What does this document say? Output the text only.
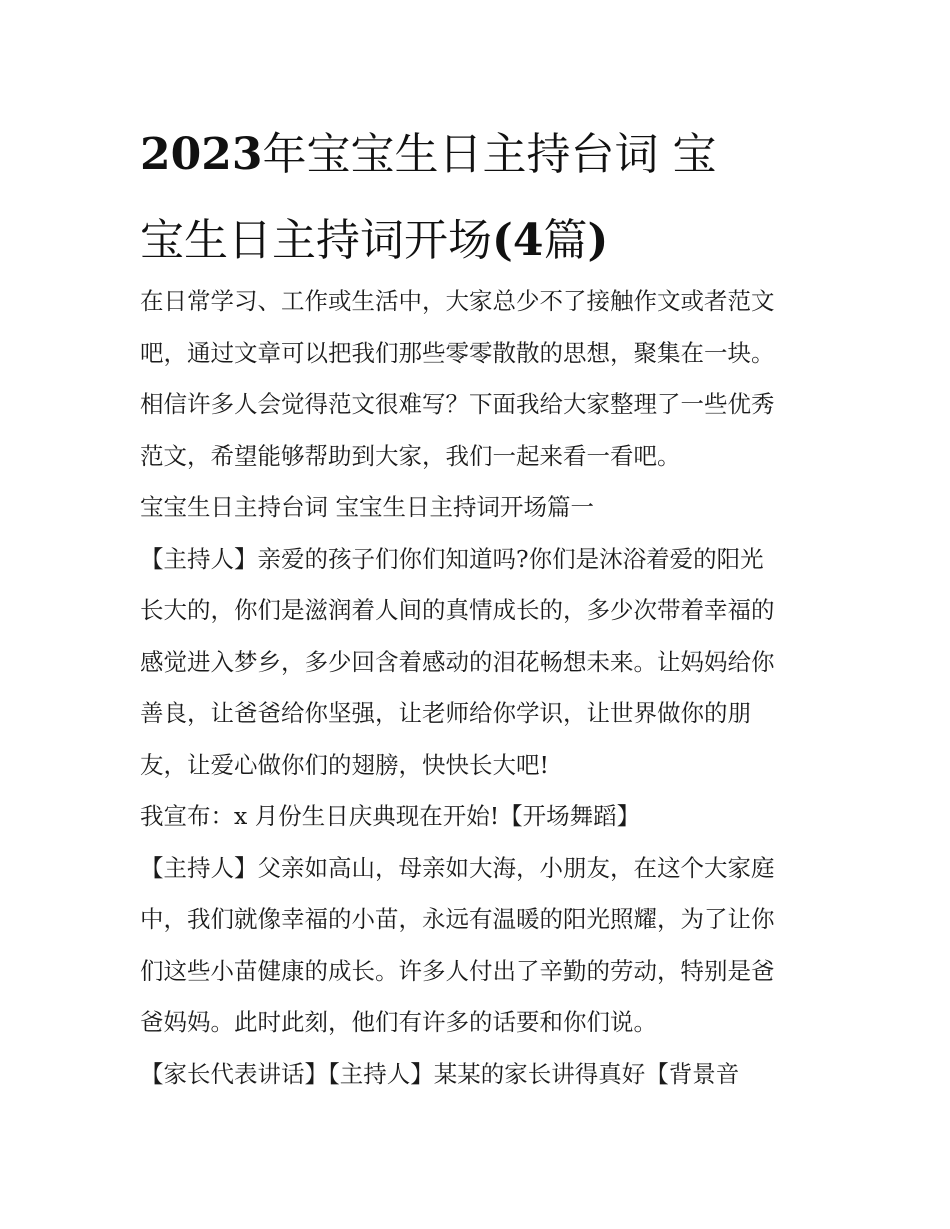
2023年宝宝生日主持台词 宝
宝生日主持词开场(4篇)

在日常学习、工作或生活中，大家总少不了接触作文或者范文
吧，通过文章可以把我们那些零零散散的思想，聚集在一块。
相信许多人会觉得范文很难写？下面我给大家整理了一些优秀
范文，希望能够帮助到大家，我们一起来看一看吧。

宝宝生日主持台词 宝宝生日主持词开场篇一

【主持人】亲爱的孩子们你们知道吗?你们是沐浴着爱的阳光
长大的，你们是滋润着人间的真情成长的，多少次带着幸福的
感觉进入梦乡，多少回含着感动的泪花畅想未来。让妈妈给你
善良，让爸爸给你坚强，让老师给你学识，让世界做你的朋
友，让爱心做你们的翅膀，快快长大吧!

我宣布：x 月份生日庆典现在开始!【开场舞蹈】

【主持人】父亲如高山，母亲如大海，小朋友，在这个大家庭
中，我们就像幸福的小苗，永远有温暖的阳光照耀，为了让你
们这些小苗健康的成长。许多人付出了辛勤的劳动，特别是爸
爸妈妈。此时此刻，他们有许多的话要和你们说。

【家长代表讲话】【主持人】某某的家长讲得真好【背景音
